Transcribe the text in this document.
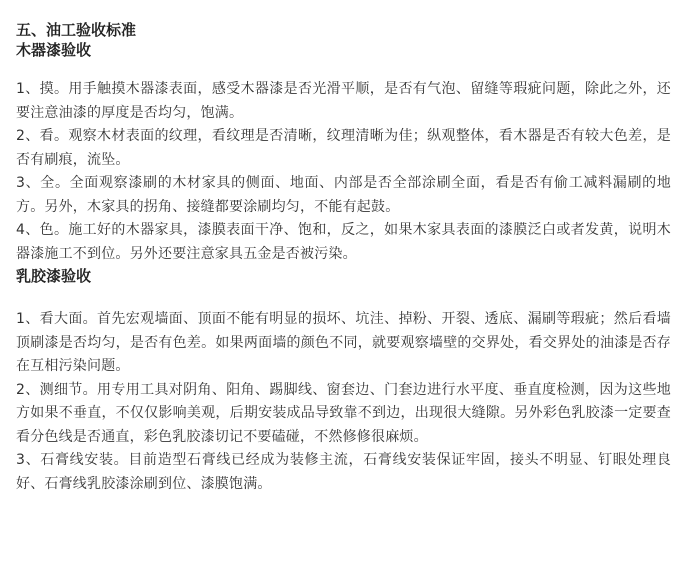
五、油工验收标准
木器漆验收

1、摸。用手触摸木器漆表面，感受木器漆是否光滑平顺，是否有气泡、留缝等瑕疵问题，除此之外，还要注意油漆的厚度是否均匀，饱满。

2、看。观察木材表面的纹理，看纹理是否清晰，纹理清晰为佳；纵观整体，看木器是否有较大色差，是否有刷痕，流坠。

3、全。全面观察漆刷的木材家具的侧面、地面、内部是否全部涂刷全面，看是否有偷工减料漏刷的地方。另外，木家具的拐角、接缝都要涂刷均匀，不能有起鼓。

4、色。施工好的木器家具，漆膜表面干净、饱和，反之，如果木家具表面的漆膜泛白或者发黄，说明木器漆施工不到位。另外还要注意家具五金是否被污染。

乳胶漆验收

1、看大面。首先宏观墙面、顶面不能有明显的损坏、坑洼、掉粉、开裂、透底、漏刷等瑕疵；然后看墙顶刷漆是否均匀，是否有色差。如果两面墙的颜色不同，就要观察墙壁的交界处，看交界处的油漆是否存在互相污染问题。

2、测细节。用专用工具对阴角、阳角、踢脚线、窗套边、门套边进行水平度、垂直度检测，因为这些地方如果不垂直，不仅仅影响美观，后期安装成品导致靠不到边，出现很大缝隙。另外彩色乳胶漆一定要查看分色线是否通直，彩色乳胶漆切记不要磕碰，不然修修很麻烦。

3、石膏线安装。目前造型石膏线已经成为装修主流，石膏线安装保证牢固，接头不明显、钉眼处理良好、石膏线乳胶漆涂刷到位、漆膜饱满。
